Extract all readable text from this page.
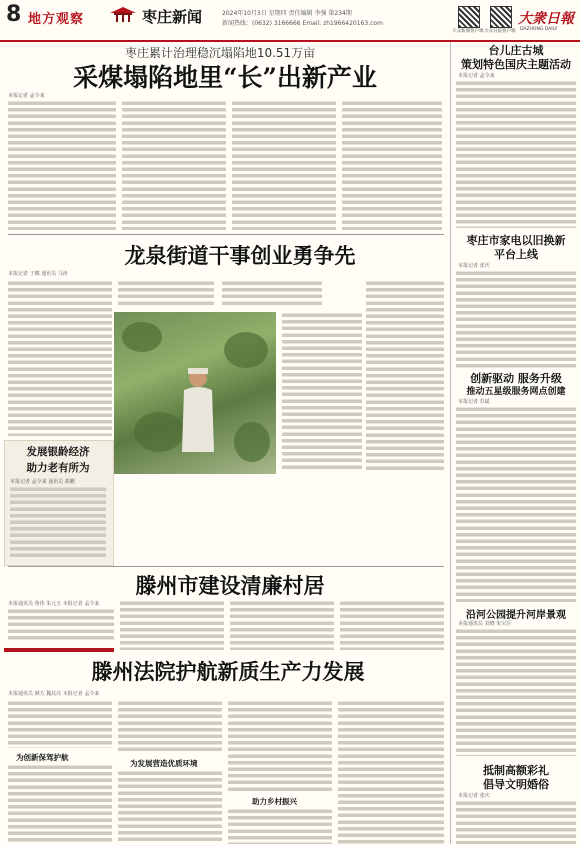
8 地方观察	枣庄新闻	2024年10月3日 星期四 责任编辑 李强 第234期
新闻热线：(0632) 3166666 Email: zh1966420163.com
大众新闻客户端 大众日报客户端
大衆日報
DAZHONG DAILY
枣庄累计治理稳沉塌陷地10.51万亩
采煤塌陷地里“长”出新产业
本报记者 孟令来
龙泉街道干事创业勇争先
本报记者 王娜 通讯员 马涛
发展银龄经济
助力老有所为
本报记者 孟令来 通讯员 郭鹏
滕州市建设清廉村居
本报通讯员 鲁伟 朱元玉 本报记者 孟令来
滕州法院护航新质生产力发展
本报通讯员 颜方 魏其亮 本报记者 孟令来
为创新保驾护航
为发展营造优质环境
助力乡村振兴
台儿庄古城
策划特色国庆主题活动
本报记者 孟令来
枣庄市家电以旧换新
平台上线
本报记者 张庆
创新驱动 服务升级
推动五星级服务网点创建
本报记者 苏斌
沿河公园提升河岸景观
本报通讯员 刘晓 朱宝臣
抵制高额彩礼
倡导文明婚俗
本报记者 张庆
